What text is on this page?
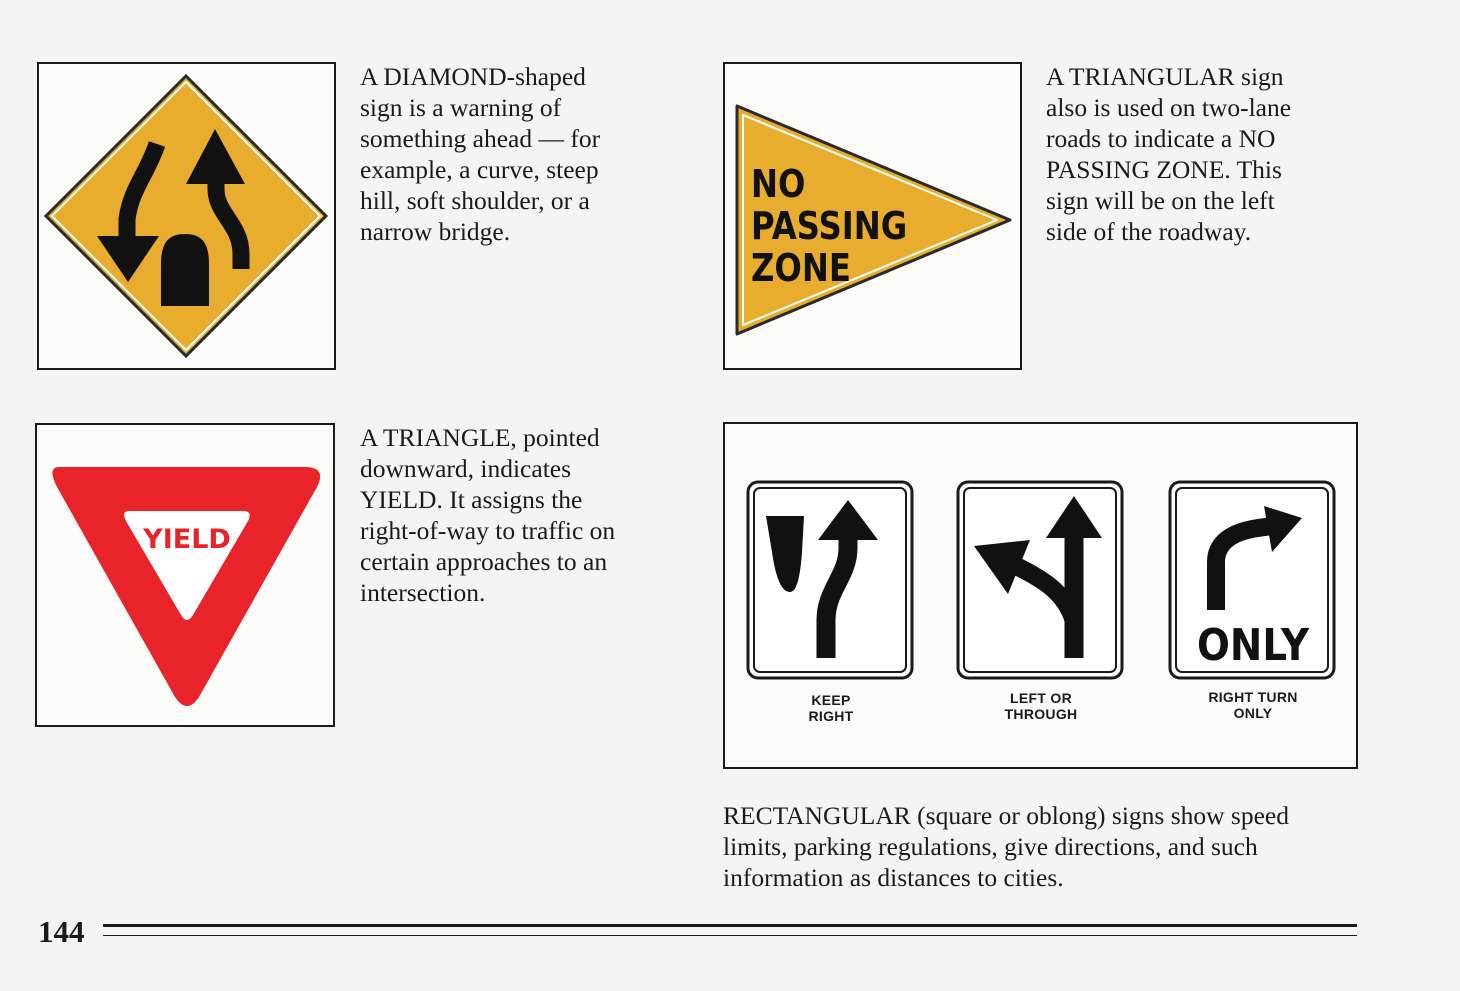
A DIAMOND-shaped
sign is a warning of
something ahead — for
example, a curve, steep
hill, soft shoulder, or a
narrow bridge.
NO
PASSING
ZONE
A TRIANGULAR sign
also is used on two-lane
roads to indicate a NO
PASSING ZONE. This
sign will be on the left
side of the roadway.
YIELD
A TRIANGLE, pointed
downward, indicates
YIELD. It assigns the
right-of-way to traffic on
certain approaches to an
intersection.
ONLY
KEEP
RIGHT
LEFT OR
THROUGH
RIGHT TURN
ONLY
RECTANGULAR (square or oblong) signs show speed
limits, parking regulations, give directions, and such
information as distances to cities.
144
